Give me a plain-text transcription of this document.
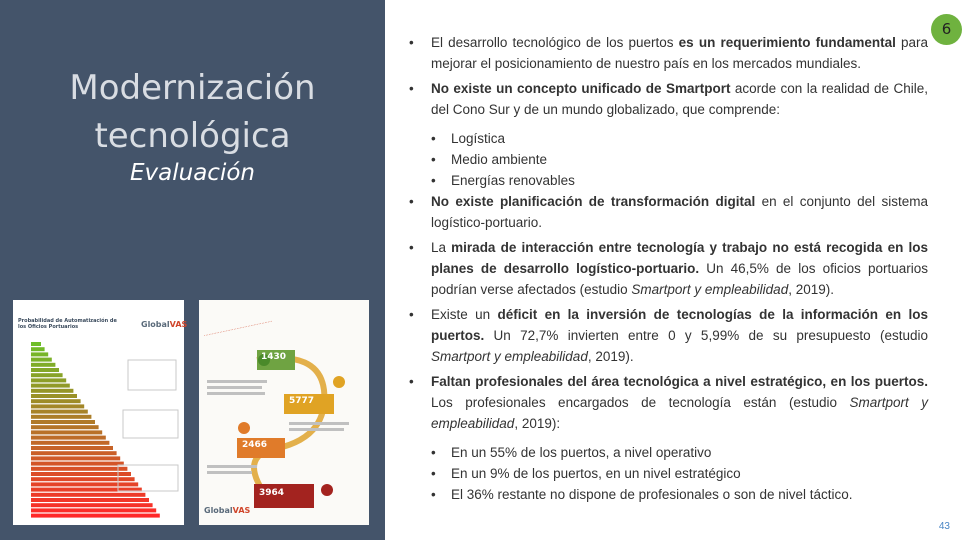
Modernización tecnológica
Evaluación
Probabilidad de Automatización de los Oficios Portuarios	GlobalVAS	............................................
1430
5777
2466
3964
GlobalVAS
6

• El desarrollo tecnológico de los puertos es un requerimiento fundamental para mejorar el posicionamiento de nuestro país en los mercados mundiales.

• No existe un concepto unificado de Smartport acorde con la realidad de Chile, del Cono Sur y de un mundo globalizado, que comprende:

• Logística

• Medio ambiente

• Energías renovables

• No existe planificación de transformación digital en el conjunto del sistema logístico-portuario.

• La mirada de interacción entre tecnología y trabajo no está recogida en los planes de desarrollo logístico-portuario. Un 46,5% de los oficios portuarios podrían verse afectados (estudio Smartport y empleabilidad, 2019).

• Existe un déficit en la inversión de tecnologías de la información en los puertos. Un 72,7% invierten entre 0 y 5,99% de su presupuesto (estudio Smartport y empleabilidad, 2019).

• Faltan profesionales del área tecnológica a nivel estratégico, en los puertos. Los profesionales encargados de tecnología están (estudio Smartport y empleabilidad, 2019):

• En un 55% de los puertos, a nivel operativo

• En un 9% de los puertos, en un nivel estratégico

• El 36% restante no dispone de profesionales o son de nivel táctico.

43
